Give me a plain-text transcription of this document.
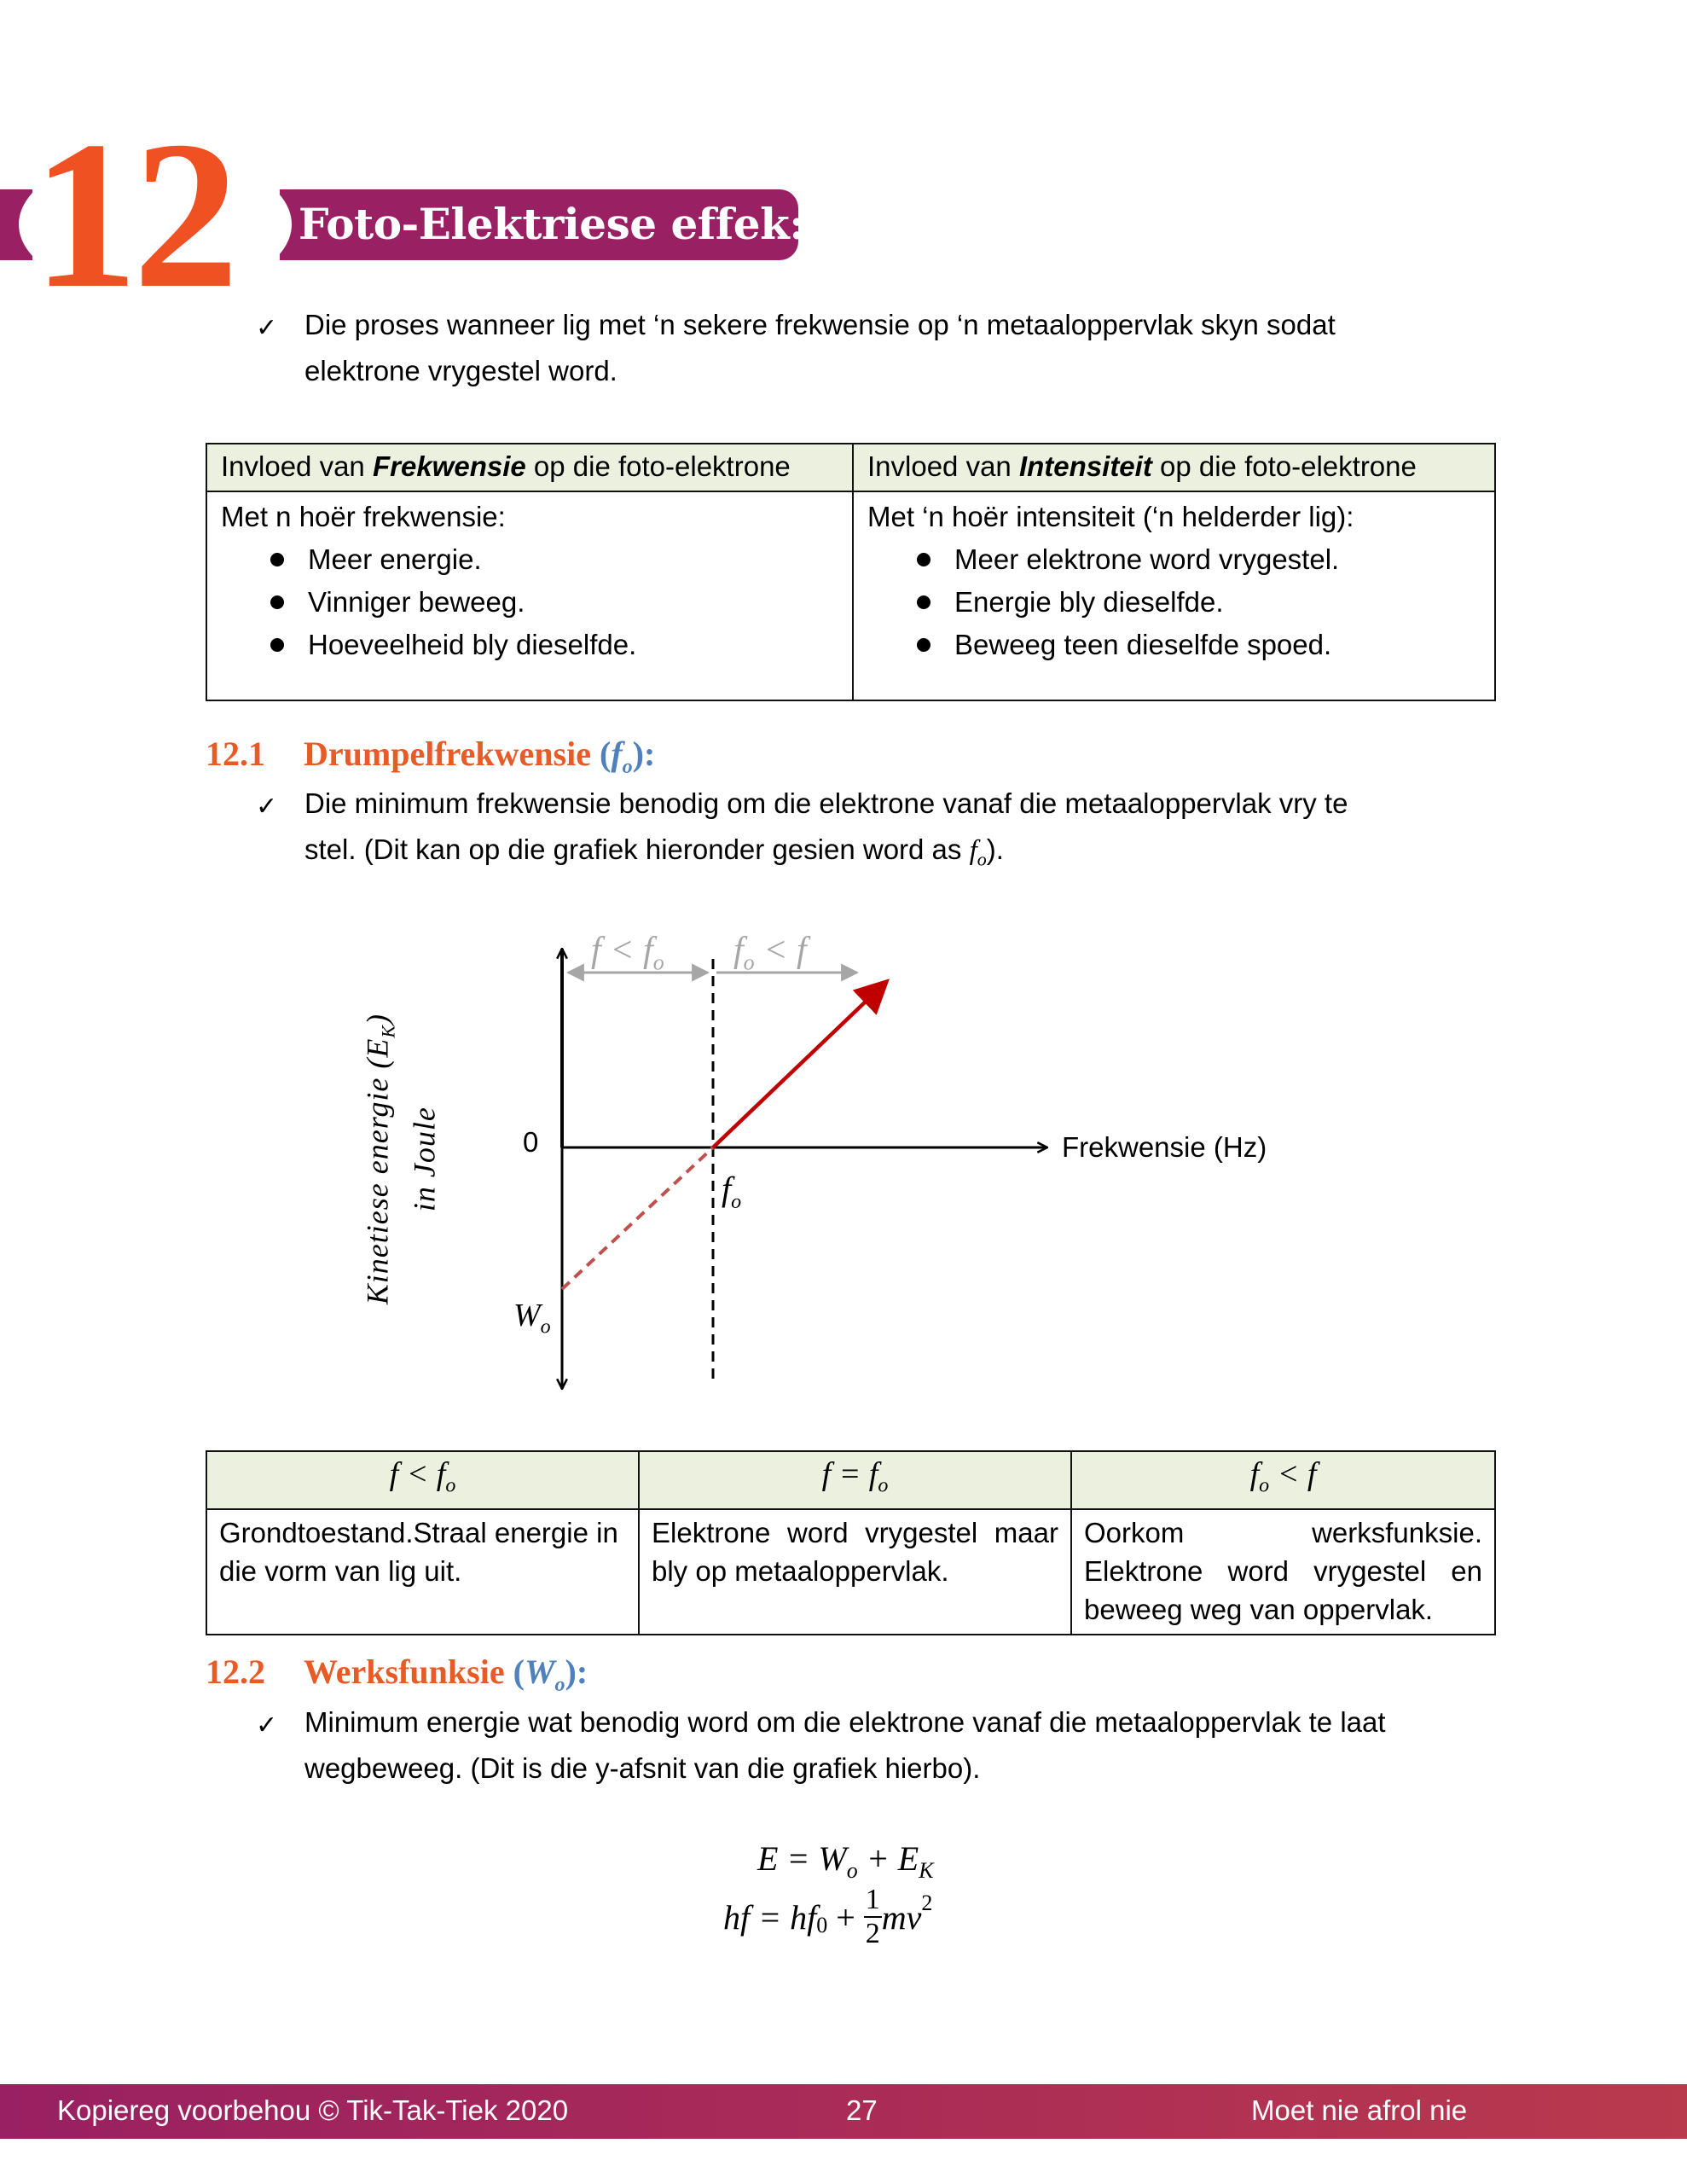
12 Foto-Elektriese effek:
✓ Die proses wanneer lig met ‘n sekere frekwensie op ‘n metaaloppervlak skyn sodat
elektrone vrygestel word.
Invloed van Frekwensie op die foto-elektrone	Invloed van Intensiteit op die foto-elektrone

Met n hoër frekwensie:
Meer energie.
Vinniger beweeg.
Hoeveelheid bly dieselfde.

Met ‘n hoër intensiteit (‘n helderder lig):
Meer elektrone word vrygestel.
Energie bly dieselfde.
Beweeg teen dieselfde spoed.
12.1 Drumpelfrekwensie $(f_o)$:
✓ Die minimum frekwensie benodig om die elektrone vanaf die metaaloppervlak vry te
stel. (Dit kan op die grafiek hieronder gesien word as $f_o$).
$f < f_o$ $f_o < f$
0
$f_o$
$W_o$
Frekwensie (Hz)
Kinetiese energie $(E_K)$
in Joule
$f < f_o$	$f = f_o$	$f_o < f$
Grondtoestand.Straal energie in die vorm van lig uit.	Elektrone word vrygestel maar bly op metaaloppervlak.	Oorkom werksfunksie. Elektrone word vrygestel en beweeg weg van oppervlak.
12.2 Werksfunksie $(W_o)$:
✓ Minimum energie wat benodig word om die elektrone vanaf die metaaloppervlak te laat
wegbeweeg. (Dit is die y-afsnit van die grafiek hierbo).
$E = W_o + E_K$
hf = $hf_0 + \frac{1}{2} mv^2$
Kopiereg voorbehou © Tik-Tak-Tiek 2020	27	Moet nie afrol nie
